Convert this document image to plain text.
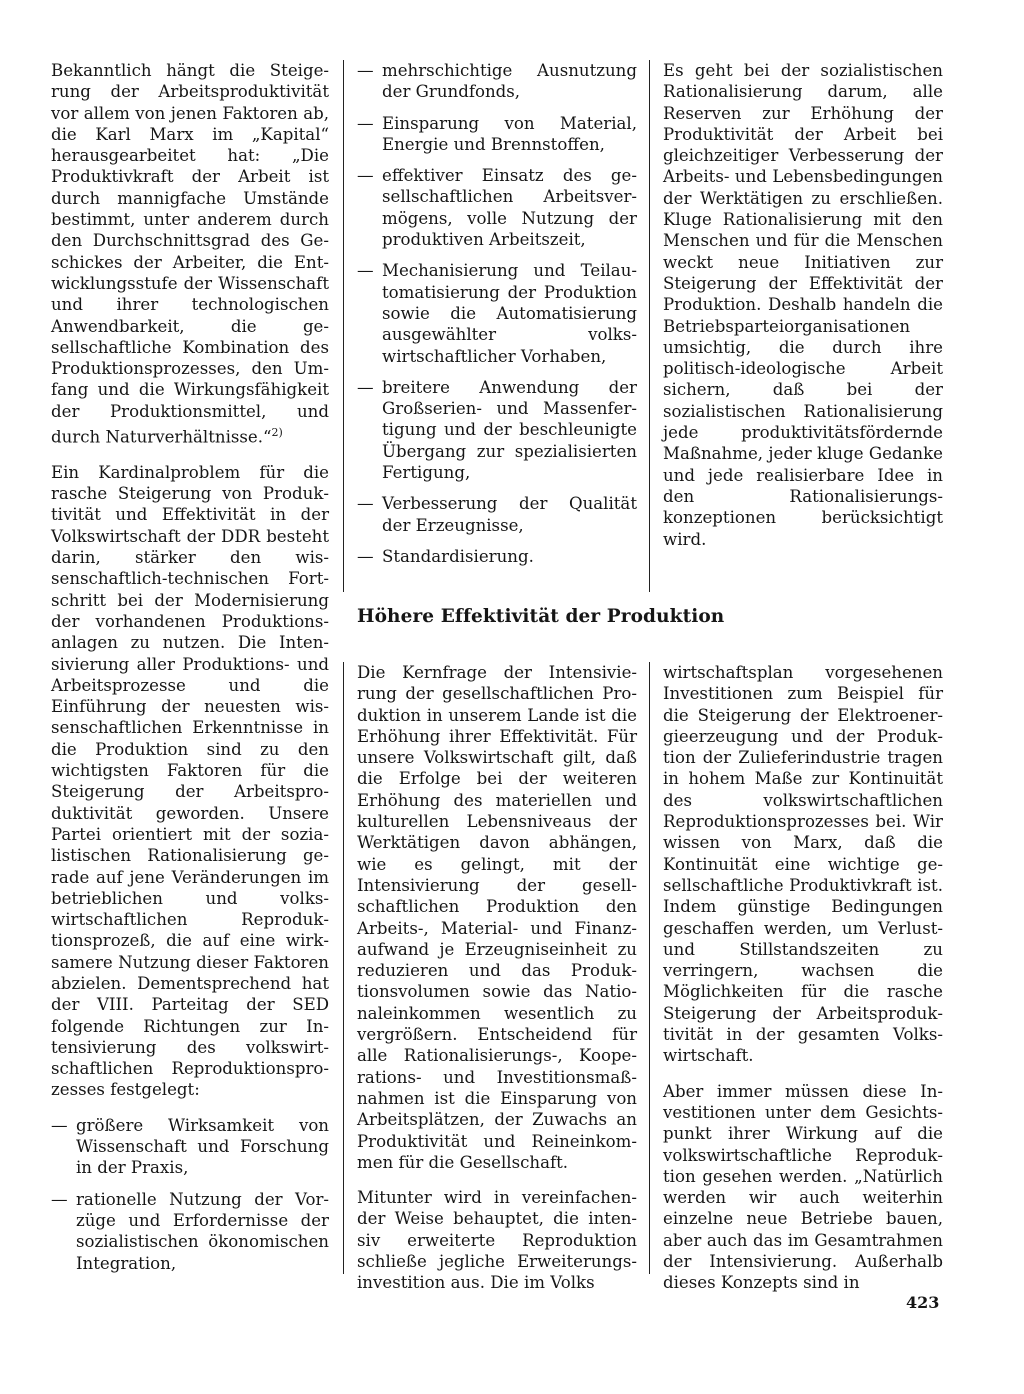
Bekanntlich hängt die Steigerung der Arbeitsproduktivität vor allem von jenen Faktoren ab, die Karl Marx im „Kapital“ herausgearbeitet hat: „Die Produktivkraft der Arbeit ist durch mannigfache Umstände bestimmt, unter anderem durch den Durchschnittsgrad des Geschickes der Arbeiter, die Entwicklungsstufe der Wissenschaft und ihrer technologischen Anwendbarkeit, die gesellschaftliche Kombination des Produktionsprozesses, den Umfang und die Wirkungsfähigkeit der Produktionsmittel, und durch Naturverhältnisse.“$^{2)}$

Ein Kardinalproblem für die rasche Steigerung von Produktivität und Effektivität in der Volkswirtschaft der DDR besteht darin, stärker den wissenschaftlich-technischen Fortschritt bei der Modernisierung der vorhandenen Produktionsanlagen zu nutzen. Die Intensivierung aller Produktions- und Arbeitsprozesse und die Einführung der neuesten wissenschaftlichen Erkenntnisse in die Produktion sind zu den wichtigsten Faktoren für die Steigerung der Arbeitsproduktivität geworden. Unsere Partei orientiert mit der sozialistischen Rationalisierung gerade auf jene Veränderungen im betrieblichen und volkswirtschaftlichen Reproduktionsprozeß, die auf eine wirksamere Nutzung dieser Faktoren abzielen. Dementsprechend hat der VIII. Parteitag der SED folgende Richtungen zur Intensivierung des volkswirtschaftlichen Reproduktionsprozesses festgelegt:

— größere Wirksamkeit von Wissenschaft und Forschung in der Praxis,
— rationelle Nutzung der Vorzüge und Erfordernisse der sozialistischen ökonomischen Integration,
— mehrschichtige Ausnutzung der Grundfonds,
— Einsparung von Material, Energie und Brennstoffen,
— effektiver Einsatz des gesellschaftlichen Arbeitsvermögens, volle Nutzung der produktiven Arbeitszeit,
— Mechanisierung und Teilautomatisierung der Produktion sowie die Automatisierung ausgewählter volkswirtschaftlicher Vorhaben,
— breitere Anwendung der Großserien- und Massenfertigung und der beschleunigte Übergang zur spezialisierten Fertigung,
— Verbesserung der Qualität der Erzeugnisse,
— Standardisierung.

Es geht bei der sozialistischen Rationalisierung darum, alle Reserven zur Erhöhung der Produktivität der Arbeit bei gleichzeitiger Verbesserung der Arbeits- und Lebensbedingungen der Werktätigen zu erschließen. Kluge Rationalisierung mit den Menschen und für die Menschen weckt neue Initiativen zur Steigerung der Effektivität der Produktion. Deshalb handeln die Betriebsparteiorganisationen umsichtig, die durch ihre politisch-ideologische Arbeit sichern, daß bei der sozialistischen Rationalisierung jede produktivitätsfördernde Maßnahme, jeder kluge Gedanke und jede realisierbare Idee in den Rationalisierungskonzeptionen berücksichtigt wird.

Höhere Effektivität der Produktion

Die Kernfrage der Intensivierung der gesellschaftlichen Produktion in unserem Lande ist die Erhöhung ihrer Effektivität. Für unsere Volkswirtschaft gilt, daß die Erfolge bei der weiteren Erhöhung des materiellen und kulturellen Lebensniveaus der Werktätigen davon abhängen, wie es gelingt, mit der Intensivierung der gesellschaftlichen Produktion den Arbeits-, Material- und Finanzaufwand je Erzeugniseinheit zu reduzieren und das Produktionsvolumen sowie das Nationaleinkommen wesentlich zu vergrößern. Entscheidend für alle Rationalisierungs-, Kooperations- und Investitionsmaßnahmen ist die Einsparung von Arbeitsplätzen, der Zuwachs an Produktivität und Reineinkommen für die Gesellschaft.

Mitunter wird in vereinfachender Weise behauptet, die intensiv erweiterte Reproduktion schließe jegliche Erweiterungsinvestition aus. Die im Volks

wirtschaftsplan vorgesehenen Investitionen zum Beispiel für die Steigerung der Elektroenergieerzeugung und der Produktion der Zulieferindustrie tragen in hohem Maße zur Kontinuität des volkswirtschaftlichen Reproduktionsprozesses bei. Wir wissen von Marx, daß die Kontinuität eine wichtige gesellschaftliche Produktivkraft ist. Indem günstige Bedingungen geschaffen werden, um Verlust- und Stillstandszeiten zu verringern, wachsen die Möglichkeiten für die rasche Steigerung der Arbeitsproduktivität in der gesamten Volkswirtschaft.

Aber immer müssen diese Investitionen unter dem Gesichtspunkt ihrer Wirkung auf die volkswirtschaftliche Reproduktion gesehen werden. „Natürlich werden wir auch weiterhin einzelne neue Betriebe bauen, aber auch das im Gesamtrahmen der Intensivierung. Außerhalb dieses Konzepts sind in

423
